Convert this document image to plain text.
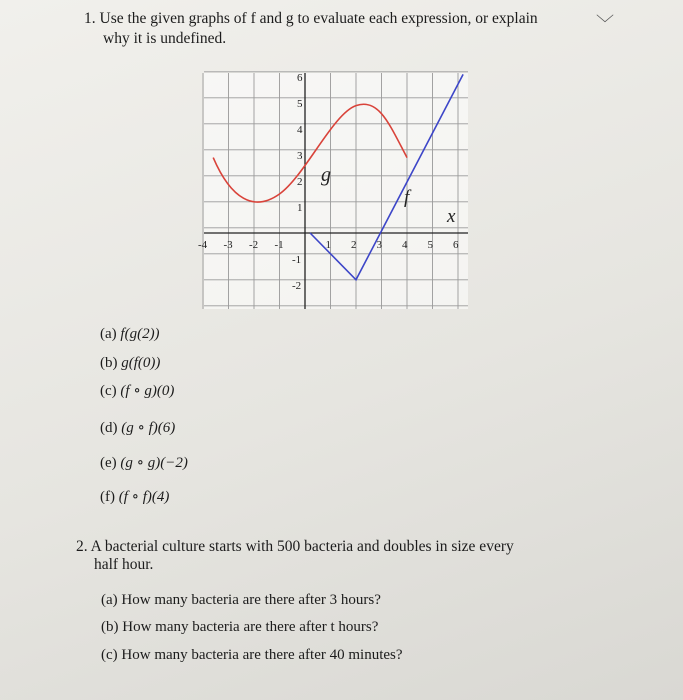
﹀
1. Use the given graphs of f and g to evaluate each expression, or explain
why it is undefined.
-4 -3 -2 -1	1 2 3 4 5 6
6
5
4
3
2
1
-1
-2
g
f
x
(a) f(g(2))
(b) g(f(0))
(c) (f ∘ g)(0)
(d) (g ∘ f)(6)
(e) (g ∘ g)(−2)
(f) (f ∘ f)(4)
2. A bacterial culture starts with 500 bacteria and doubles in size every
half hour.
(a) How many bacteria are there after 3 hours?
(b) How many bacteria are there after t hours?
(c) How many bacteria are there after 40 minutes?
